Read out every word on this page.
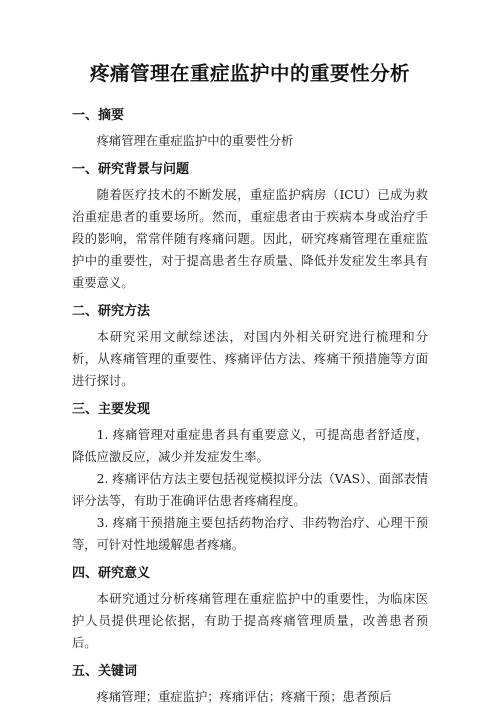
疼痛管理在重症监护中的重要性分析
一、摘要

疼痛管理在重症监护中的重要性分析

一、研究背景与问题

随着医疗技术的不断发展，重症监护病房（ICU）已成为救治重症患者的重要场所。然而，重症患者由于疾病本身或治疗手段的影响，常常伴随有疼痛问题。因此，研究疼痛管理在重症监护中的重要性，对于提高患者生存质量、降低并发症发生率具有重要意义。

二、研究方法

本研究采用文献综述法，对国内外相关研究进行梳理和分析，从疼痛管理的重要性、疼痛评估方法、疼痛干预措施等方面进行探讨。

三、主要发现

1. 疼痛管理对重症患者具有重要意义，可提高患者舒适度，降低应激反应，减少并发症发生率。

2. 疼痛评估方法主要包括视觉模拟评分法（VAS）、面部表情评分法等，有助于准确评估患者疼痛程度。

3. 疼痛干预措施主要包括药物治疗、非药物治疗、心理干预等，可针对性地缓解患者疼痛。

四、研究意义

本研究通过分析疼痛管理在重症监护中的重要性，为临床医护人员提供理论依据，有助于提高疼痛管理质量，改善患者预后。

五、关键词

疼痛管理；重症监护；疼痛评估；疼痛干预；患者预后
